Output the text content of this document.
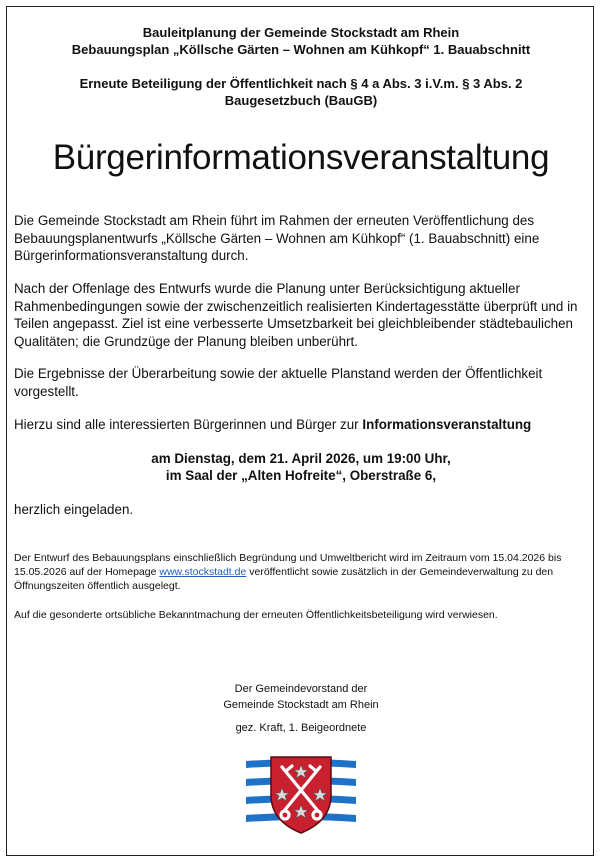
Bauleitplanung der Gemeinde Stockstadt am Rhein

Bebauungsplan „Köllsche Gärten – Wohnen am Kühkopf“ 1. Bauabschnitt

Erneute Beteiligung der Öffentlichkeit nach § 4 a Abs. 3 i.V.m. § 3 Abs. 2

Baugesetzbuch (BauGB)

Bürgerinformationsveranstaltung

Die Gemeinde Stockstadt am Rhein führt im Rahmen der erneuten Veröffentlichung des Bebauungsplanentwurfs „Köllsche Gärten – Wohnen am Kühkopf“ (1. Bauabschnitt) eine Bürgerinformationsveranstaltung durch.

Nach der Offenlage des Entwurfs wurde die Planung unter Berücksichtigung aktueller Rahmenbedingungen sowie der zwischenzeitlich realisierten Kindertagesstätte überprüft und in Teilen angepasst. Ziel ist eine verbesserte Umsetzbarkeit bei gleichbleibender städtebaulichen Qualitäten; die Grundzüge der Planung bleiben unberührt.

Die Ergebnisse der Überarbeitung sowie der aktuelle Planstand werden der Öffentlichkeit vorgestellt.

Hierzu sind alle interessierten Bürgerinnen und Bürger zur Informationsveranstaltung

am Dienstag, dem 21. April 2026, um 19:00 Uhr,

im Saal der „Alten Hofreite“, Oberstraße 6,

herzlich eingeladen.

Der Entwurf des Bebauungsplans einschließlich Begründung und Umweltbericht wird im Zeitraum vom 15.04.2026 bis 15.05.2026 auf der Homepage www.stockstadt.de veröffentlicht sowie zusätzlich in der Gemeindeverwaltung zu den Öffnungszeiten öffentlich ausgelegt.

Auf die gesonderte ortsübliche Bekanntmachung der erneuten Öffentlichkeitsbeteiligung wird verwiesen.

Der Gemeindevorstand der

Gemeinde Stockstadt am Rhein

gez. Kraft, 1. Beigeordnete
